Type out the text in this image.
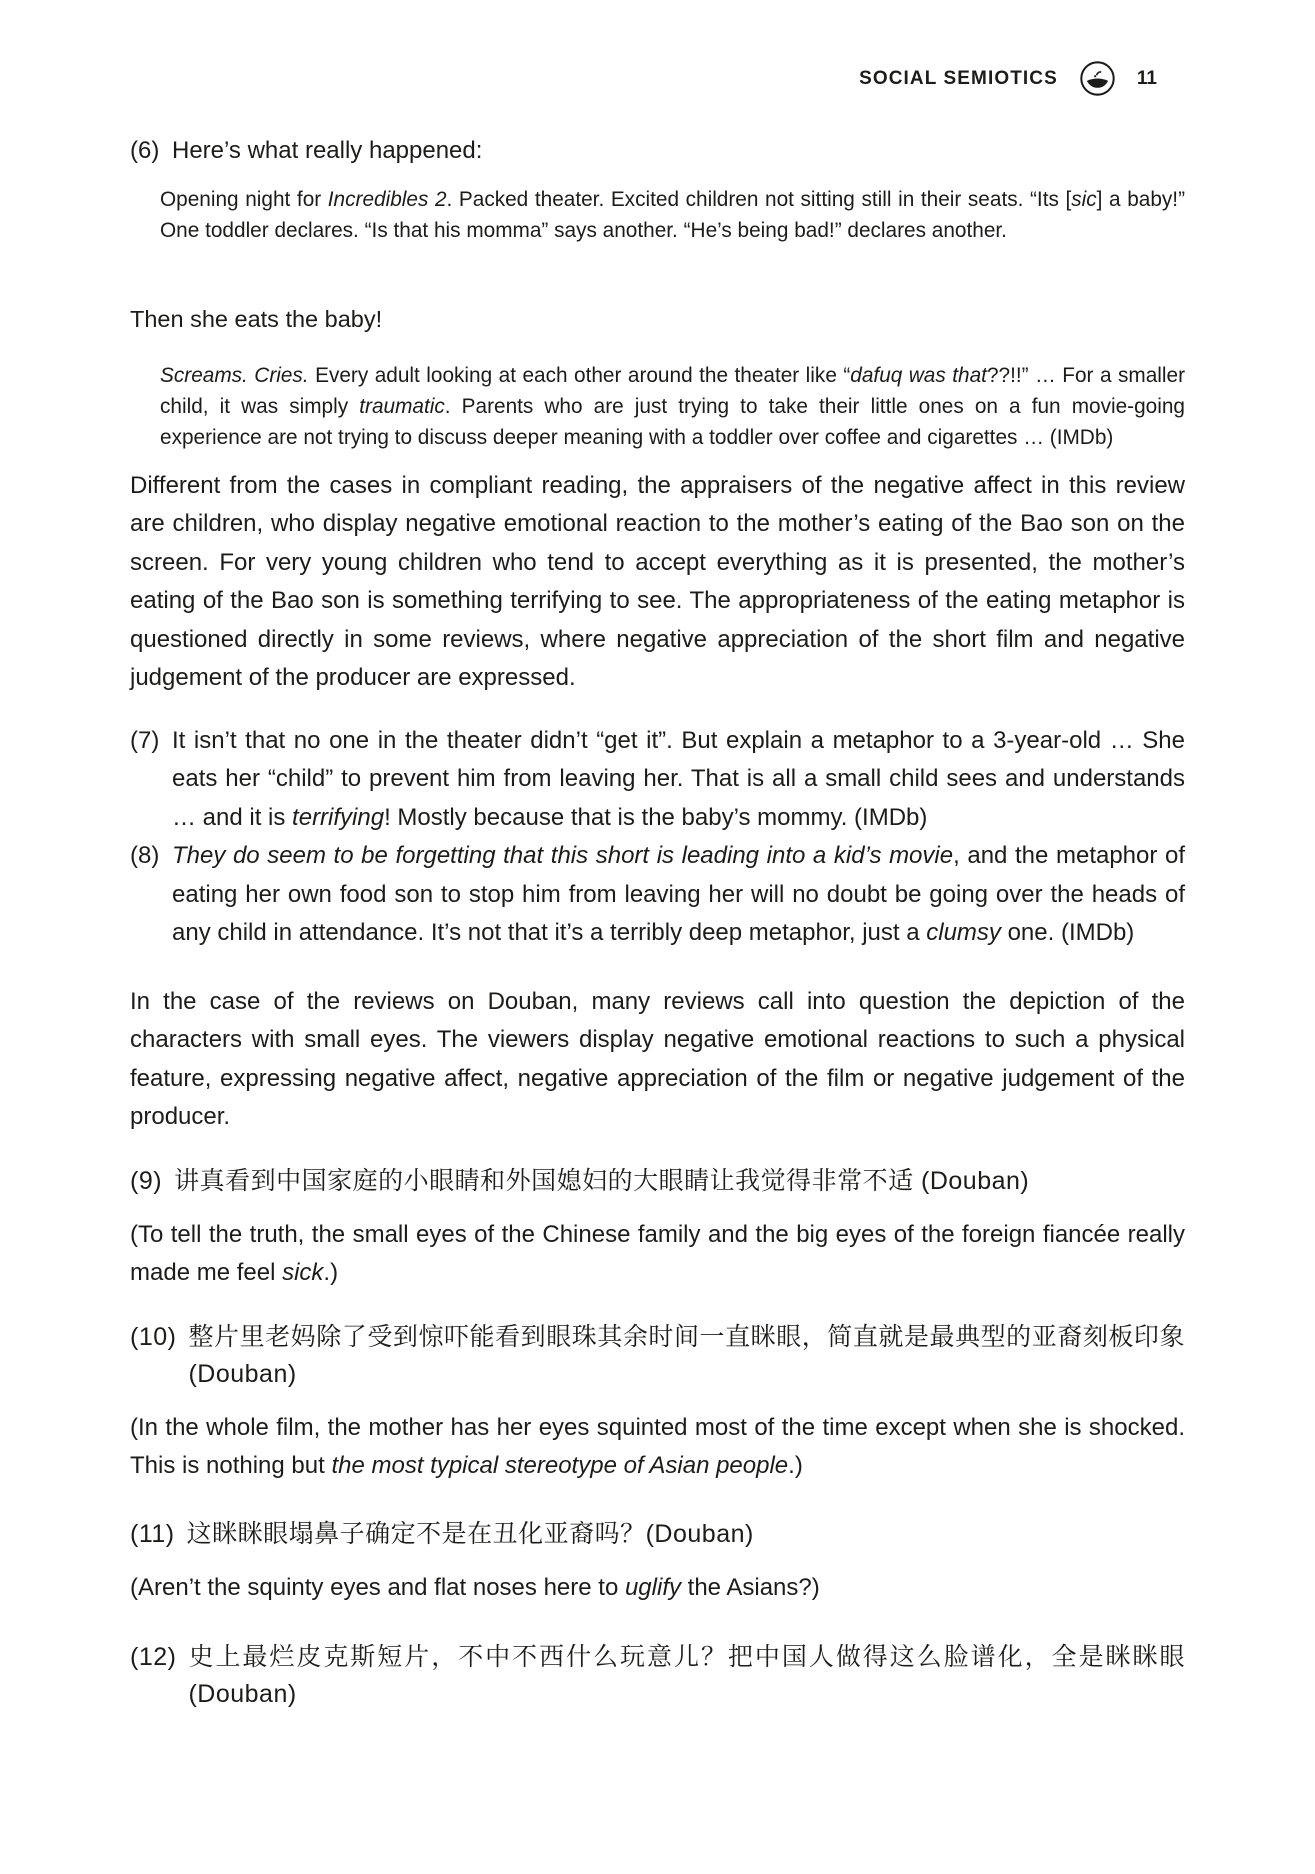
SOCIAL SEMIOTICS	11
(6) Here’s what really happened:

Opening night for Incredibles 2. Packed theater. Excited children not sitting still in their seats. “Its [sic] a baby!” One toddler declares. “Is that his momma” says another. “He’s being bad!” declares another.

Then she eats the baby!

Screams. Cries. Every adult looking at each other around the theater like “dafuq was that??!!” … For a smaller child, it was simply traumatic. Parents who are just trying to take their little ones on a fun movie-going experience are not trying to discuss deeper meaning with a toddler over coffee and cigarettes … (IMDb)

Different from the cases in compliant reading, the appraisers of the negative affect in this review are children, who display negative emotional reaction to the mother’s eating of the Bao son on the screen. For very young children who tend to accept everything as it is presented, the mother’s eating of the Bao son is something terrifying to see. The appropriateness of the eating metaphor is questioned directly in some reviews, where negative appreciation of the short film and negative judgement of the producer are expressed.

(7) It isn’t that no one in the theater didn’t “get it”. But explain a metaphor to a 3-year-old … She eats her “child” to prevent him from leaving her. That is all a small child sees and understands … and it is terrifying! Mostly because that is the baby’s mommy. (IMDb)
(8) They do seem to be forgetting that this short is leading into a kid’s movie, and the metaphor of eating her own food son to stop him from leaving her will no doubt be going over the heads of any child in attendance. It’s not that it’s a terribly deep metaphor, just a clumsy one. (IMDb)

In the case of the reviews on Douban, many reviews call into question the depiction of the characters with small eyes. The viewers display negative emotional reactions to such a physical feature, expressing negative affect, negative appreciation of the film or negative judgement of the producer.

(9) 讲真看到中国家庭的小眼睛和外国媳妇的大眼睛让我觉得非常不适 (Douban)

(To tell the truth, the small eyes of the Chinese family and the big eyes of the foreign fiancée really made me feel sick.)

(10) 整片里老妈除了受到惊吓能看到眼珠其余时间一直眯眼，简直就是最典型的亚裔刻板印象 (Douban)

(In the whole film, the mother has her eyes squinted most of the time except when she is shocked. This is nothing but the most typical stereotype of Asian people.)

(11) 这眯眯眼塌鼻子确定不是在丑化亚裔吗？(Douban)

(Aren’t the squinty eyes and flat noses here to uglify the Asians?)

(12) 史上最烂皮克斯短片，不中不西什么玩意儿？把中国人做得这么脸谱化，全是眯眯眼 (Douban)
